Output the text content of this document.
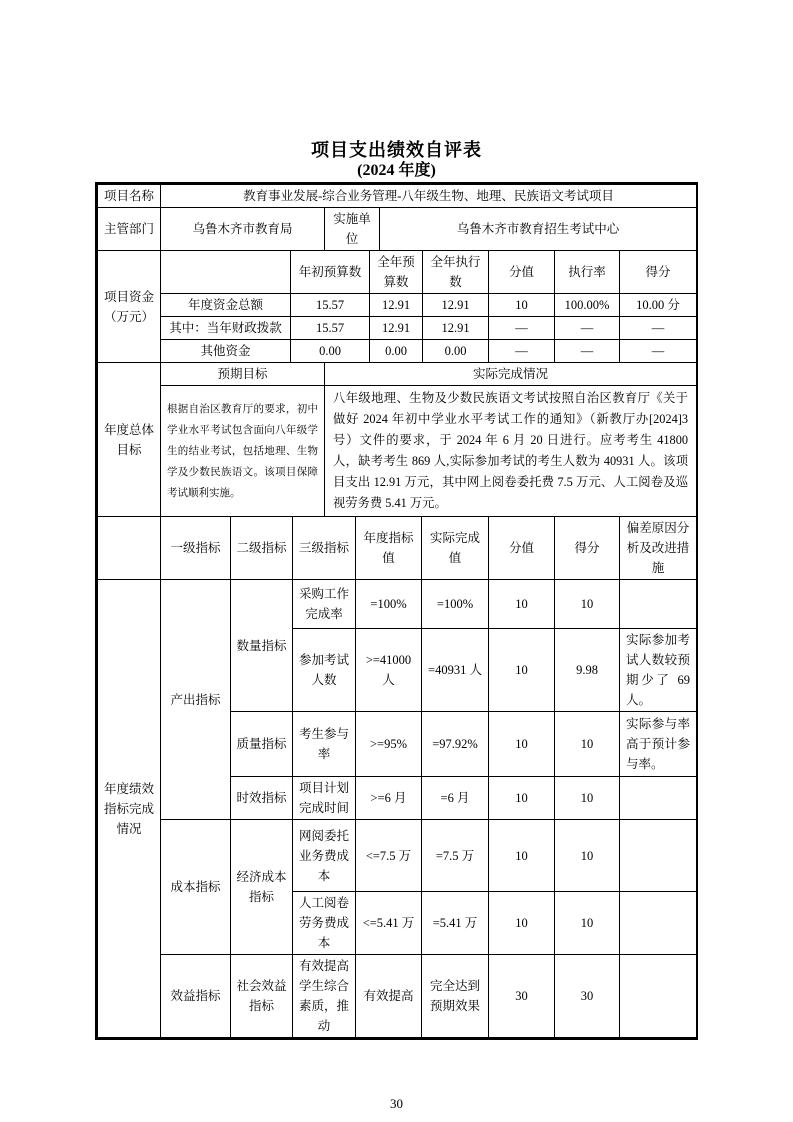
项目支出绩效自评表
(2024 年度)
项目名称	教育事业发展-综合业务管理-八年级生物、地理、民族语文考试项目		
主管部门	乌鲁木齐市教育局	实施单位	乌鲁木齐市教育招生考试中心
项目资金（万元）		年初预算数	全年预算数	全年执行数	分值	执行率	得分
	年度资金总额	15.57	12.91	12.91	10	100.00%	10.00 分
	其中：当年财政拨款	15.57	12.91	12.91	—	—	—
	其他资金	0.00	0.00	0.00	—	—	—
年度总体目标	预期目标	实际完成情况
	根据自治区教育厅的要求，初中学业水平考试包含面向八年级学生的结业考试，包括地理、生物学及少数民族语文。该项目保障考试顺利实施。	八年级地理、生物及少数民族语文考试按照自治区教育厅《关于做好 2024 年初中学业水平考试工作的通知》（新教厅办[2024]3 号）文件的要求，于 2024 年 6 月 20 日进行。应考考生 41800 人，缺考考生 869 人,实际参加考试的考生人数为 40931 人。该项目支出 12.91 万元，其中网上阅卷委托费 7.5 万元、人工阅卷及巡视劳务费 5.41 万元。
	一级指标	二级指标	三级指标	年度指标值	实际完成值	分值	得分	偏差原因分析及改进措施
年度绩效指标完成情况	产出指标	数量指标	采购工作完成率	=100%	=100%	10	10	
			参加考试人数	>=41000 人	=40931 人	10	9.98	实际参加考试人数较预期少了 69 人。
		质量指标	考生参与率	>=95%	=97.92%	10	10	实际参与率高于预计参与率。
		时效指标	项目计划完成时间	>=6 月	=6 月	10	10	
	成本指标	经济成本指标	网阅委托业务费成本	<=7.5 万	=7.5 万	10	10	
			人工阅卷劳务费成本	<=5.41 万	=5.41 万	10	10	
	效益指标	社会效益指标	有效提高学生综合素质，推动	有效提高	完全达到预期效果	30	30	
30
